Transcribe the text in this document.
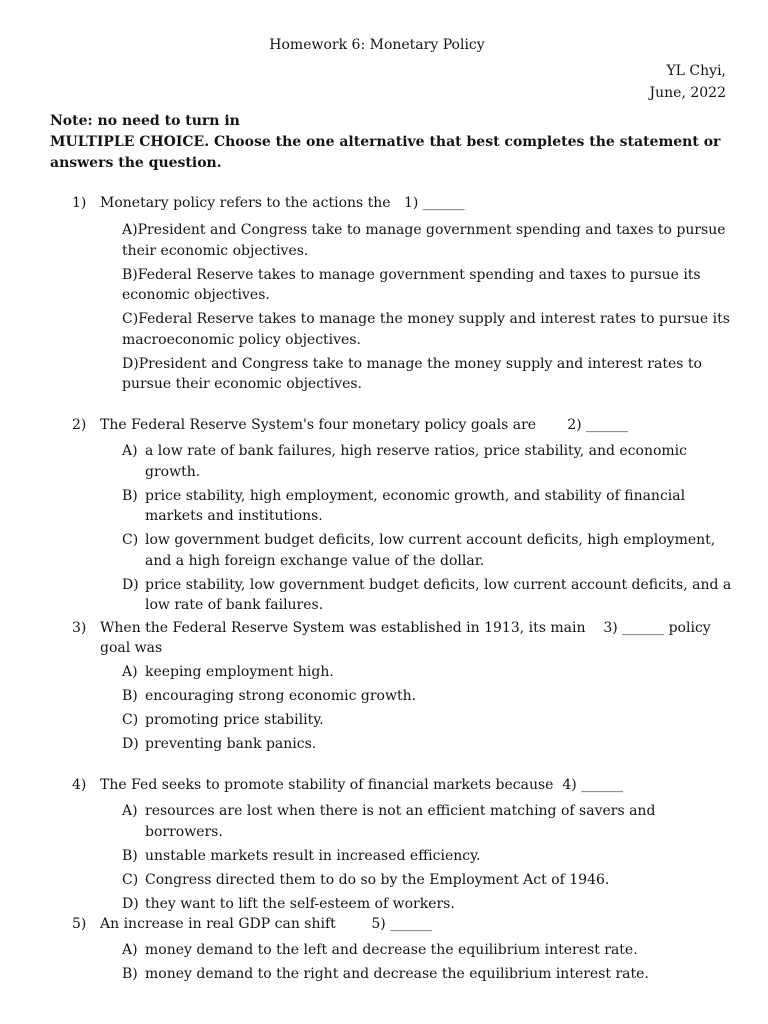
Homework 6: Monetary Policy
YL Chyi,
June, 2022
Note: no need to turn in
MULTIPLE CHOICE. Choose the one alternative that best completes the statement or answers the question.
1) Monetary policy refers to the actions the 1) ______
A)President and Congress take to manage government spending and taxes to pursue their economic objectives.
B)Federal Reserve takes to manage government spending and taxes to pursue its economic objectives.
C)Federal Reserve takes to manage the money supply and interest rates to pursue its macroeconomic policy objectives.
D)President and Congress take to manage the money supply and interest rates to pursue their economic objectives.
2) The Federal Reserve System's four monetary policy goals are 2) ______
A) a low rate of bank failures, high reserve ratios, price stability, and economic growth.
B) price stability, high employment, economic growth, and stability of financial markets and institutions.
C) low government budget deficits, low current account deficits, high employment, and a high foreign exchange value of the dollar.
D) price stability, low government budget deficits, low current account deficits, and a low rate of bank failures.
3) When the Federal Reserve System was established in 1913, its main 3) ______ policy
goal was
A) keeping employment high.
B) encouraging strong economic growth.
C) promoting price stability.
D) preventing bank panics.
4) The Fed seeks to promote stability of financial markets because 4) ______
A) resources are lost when there is not an efficient matching of savers and borrowers.
B) unstable markets result in increased efficiency.
C) Congress directed them to do so by the Employment Act of 1946.
D) they want to lift the self-esteem of workers.
5) An increase in real GDP can shift	5) ______
A) money demand to the left and decrease the equilibrium interest rate.
B) money demand to the right and decrease the equilibrium interest rate.
